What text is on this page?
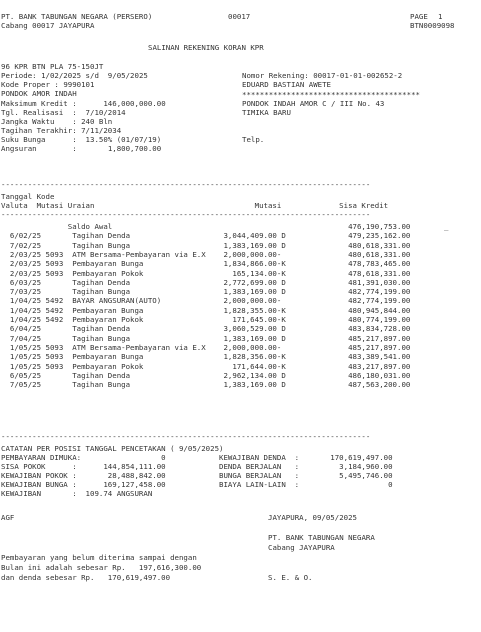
PT. BANK TABUNGAN NEGARA (PERSERO)

	00017

	PAGE

1

Cabang 00017 JAYAPURA

	BTN0009098

SALINAN REKENING KORAN KPR

96 KPR BTN PLA 75-150JT

Periode: 1/02/2025 s/d  9/05/2025

	Nomor Rekening: 00017-01-01-002652-2

Kode Proper : 9990101

	EDUARD BASTIAN AWETE

PONDOK AMOR INDAH

	****************************************

Maksimum Kredit :      146,000,000.00

	PONDOK INDAH AMOR C / III No. 43

Tgl. Realisasi  :  7/10/2014

	TIMIKA BARU

Jangka Waktu    : 240 Bln

Tagihan Terakhir: 7/11/2034

Suku Bunga      :  13.50% (01/07/19)

	Telp.

Angsuran        :       1,800,700.00

-----------------------------------------------------------------------------------

Tanggal Kode

Valuta  Mutasi Uraian                                    Mutasi             Sisa Kredit

-----------------------------------------------------------------------------------

Saldo Awal                                                     476,190,753.00

6/02/25       Tagihan Denda                     3,044,409.00 D              479,235,162.00

7/02/25       Tagihan Bunga                     1,383,169.00 D              480,618,331.00

2/03/25 5093  ATM Bersama-Pembayaran via E.X    2,000,000.00-               480,618,331.00

2/03/25 5093  Pembayaran Bunga                  1,834,866.00-K              478,783,465.00

2/03/25 5093  Pembayaran Pokok                    165,134.00-K              478,618,331.00

6/03/25       Tagihan Denda                     2,772,699.00 D              481,391,030.00

7/03/25       Tagihan Bunga                     1,383,169.00 D              482,774,199.00

1/04/25 5492  BAYAR ANGSURAN(AUTO)              2,000,000.00-               482,774,199.00

1/04/25 5492  Pembayaran Bunga                  1,828,355.00-K              480,945,844.00

1/04/25 5492  Pembayaran Pokok                    171,645.00-K              480,774,199.00

6/04/25       Tagihan Denda                     3,060,529.00 D              483,834,728.00

7/04/25       Tagihan Bunga                     1,383,169.00 D              485,217,897.00

1/05/25 5093  ATM Bersama-Pembayaran via E.X    2,000,000.00-               485,217,897.00

1/05/25 5093  Pembayaran Bunga                  1,828,356.00-K              483,389,541.00

1/05/25 5093  Pembayaran Pokok                    171,644.00-K              483,217,897.00

6/05/25       Tagihan Denda                     2,962,134.00 D              486,180,031.00

7/05/25       Tagihan Bunga                     1,383,169.00 D              487,563,200.00

-----------------------------------------------------------------------------------

CATATAN PER POSISI TANGGAL PENCETAKAN ( 9/05/2025)

PEMBAYARAN DIMUKA:                  0            KEWAJIBAN DENDA  :       170,619,497.00

SISA POKOK      :      144,854,111.00            DENDA BERJALAN   :         3,184,960.00

KEWAJIBAN POKOK :       28,488,842.00            BUNGA BERJALAN   :         5,495,746.00

KEWAJIBAN BUNGA :      169,127,458.00            BIAYA LAIN-LAIN  :                    0

KEWAJIBAN       :  109.74 ANGSURAN

AGF

	JAYAPURA, 09/05/2025

PT. BANK TABUNGAN NEGARA

Cabang JAYAPURA

Pembayaran yang belum diterima sampai dengan

Bulan ini adalah sebesar Rp.   197,616,300.00

dan denda sebesar Rp.   170,619,497.00

	S. E. & O.

_
